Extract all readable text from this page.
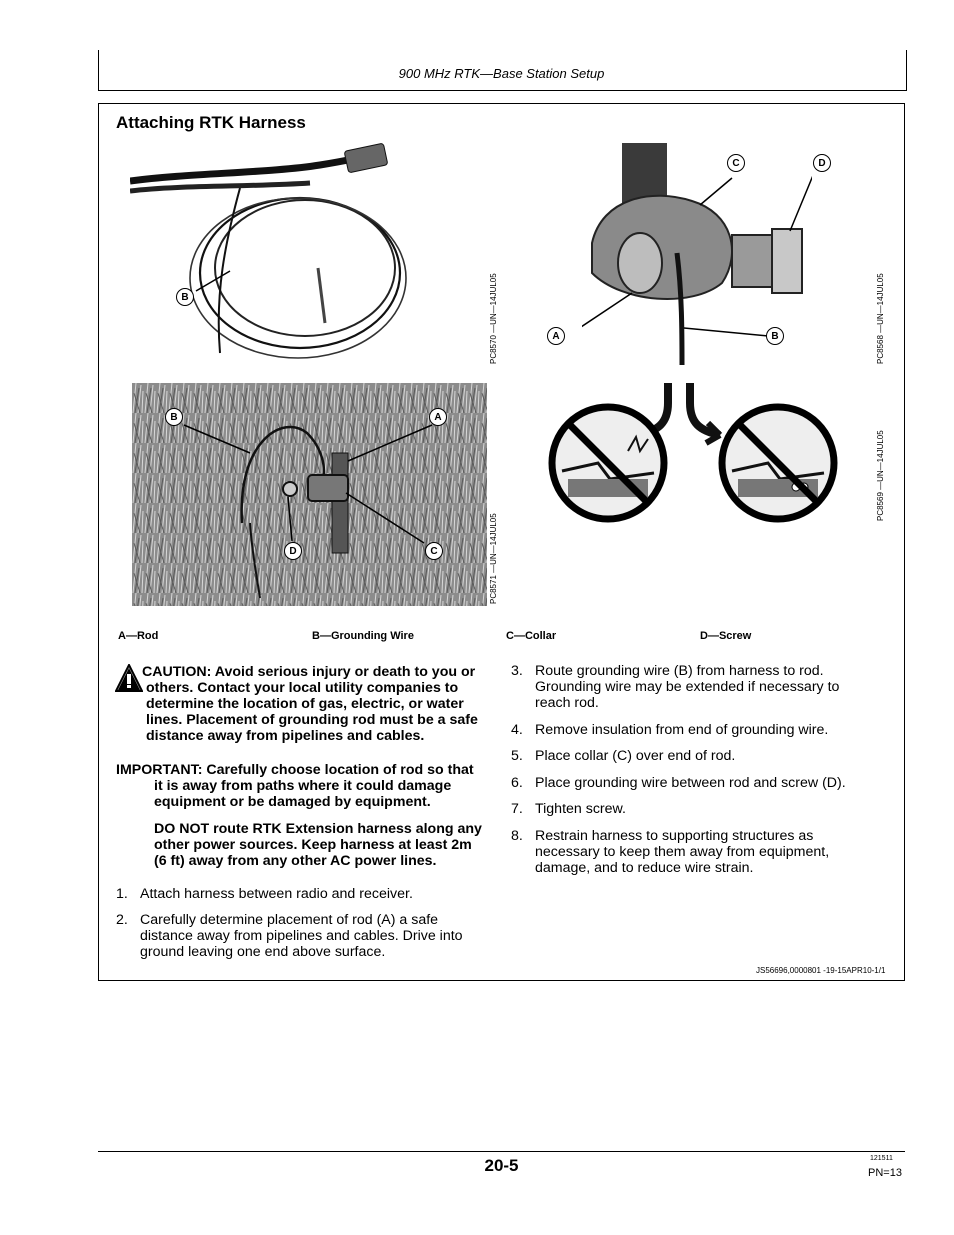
900 MHz RTK—Base Station Setup
Attaching RTK Harness
B	PC8570 —UN—14JUL05
C	D
A	B	PC8568 —UN—14JUL05
B	A
D	C	PC8571 —UN—14JUL05
PC8569 —UN—14JUL05
A—Rod	B—Grounding Wire	C—Collar	D—Screw
CAUTION: Avoid serious injury or death to you or
others. Contact your local utility companies to
determine the location of gas, electric, or water
lines. Placement of grounding rod must be a safe
distance away from pipelines and cables.
IMPORTANT: Carefully choose location of rod so that
it is away from paths where it could damage
equipment or be damaged by equipment.
DO NOT route RTK Extension harness along any
other power sources. Keep harness at least 2m
(6 ft) away from any other AC power lines.
1. Attach harness between radio and receiver.
2. Carefully determine placement of rod (A) a safe
distance away from pipelines and cables. Drive into
ground leaving one end above surface.
3. Route grounding wire (B) from harness to rod.
Grounding wire may be extended if necessary to
reach rod.
4. Remove insulation from end of grounding wire.
5. Place collar (C) over end of rod.
6. Place grounding wire between rod and screw (D).
7. Tighten screw.
8. Restrain harness to supporting structures as
necessary to keep them away from equipment,
damage, and to reduce wire strain.
JS56696,0000801 -19-15APR10-1/1
20-5	121511
PN=13
